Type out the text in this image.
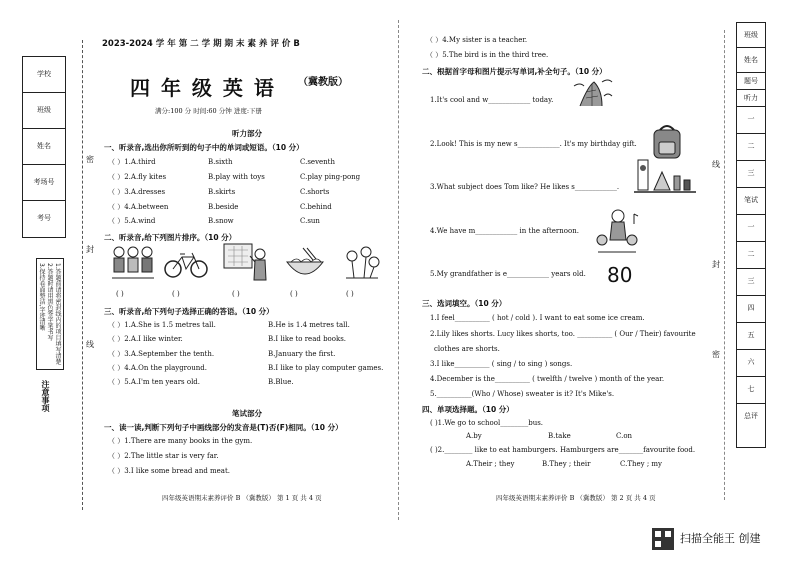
学校
班级
姓名
考场号
考号
1.答题前请将密封线内的项目填写清楚
2.答题时请用黑色签字笔书写
3.保持卷面整洁,字迹清晰
注意事项
密
封
线
2023-2024 学 年 第 二 学 期 期 末 素 养 评 价 B
四 年 级 英 语 （冀教版）
满分:100 分 时间:60 分钟 进度:下册
听力部分
一、听录音,选出你所听到的句子中的单词或短语。（10 分）
（ ）1.A.third	B.sixth	C.seventh
（ ）2.A.fly kites	B.play with toys	C.play ping-pong
（ ）3.A.dresses	B.skirts	C.shorts
（ ）4.A.between	B.beside	C.behind
（ ）5.A.wind	B.snow	C.sun
二、听录音,给下列图片排序。（10 分）
( )	( )	( )	( )	( )
三、听录音,给下列句子选择正确的答语。（10 分）
（ ）1.A.She is 1.5 metres tall.	B.He is 1.4 metres tall.
（ ）2.A.I like winter.	B.I like to read books.
（ ）3.A.September the tenth.	B.January the first.
（ ）4.A.On the playground.	B.I like to play computer games.
（ ）5.A.I'm ten years old.	B.Blue.
笔试部分
一、读一读,判断下列句子中画线部分的发音是(T)否(F)相同。（10 分）
（ ）1.There are many books in the gym.
（ ）2.The little star is very far.
（ ）3.I like some bread and meat.
四年级英语期末素养评价 B （冀教版） 第 1 页 共 4 页
（ ）4.My sister is a teacher.
（ ）5.The bird is in the third tree.
二、根据首字母和图片提示写单词,补全句子。（10 分）
1.It's cool and w____________ today.
2.Look! This is my new s____________. It's my birthday gift.
3.What subject does Tom like? He likes s____________.
4.We have m____________ in the afternoon.
5.My grandfather is e____________ years old. 80
三、选词填空。（10 分）
1.I feel__________ ( hot / cold ). I want to eat some ice cream.
2.Lily likes shorts. Lucy likes shorts, too. __________ ( Our / Their) favourite
clothes are shorts.
3.I like__________ ( sing / to sing ) songs.
4.December is the__________ ( twelfth / twelve ) month of the year.
5.__________(Who / Whose) sweater is it? It's Mike's.
四、单项选择题。（10 分）
( )1.We go to school________bus.
A.by	B.take	C.on
( )2.________ like to eat hamburgers. Hamburgers are_______favourite food.
A.Their ; they	B.They ; their	C.They ; my
四年级英语期末素养评价 B （冀教版） 第 2 页 共 4 页
线
封
密
班级
姓名
题号
听力
一
二
三
笔试
一
二
三
四
五
六
七
总评
扫描全能王 创建
